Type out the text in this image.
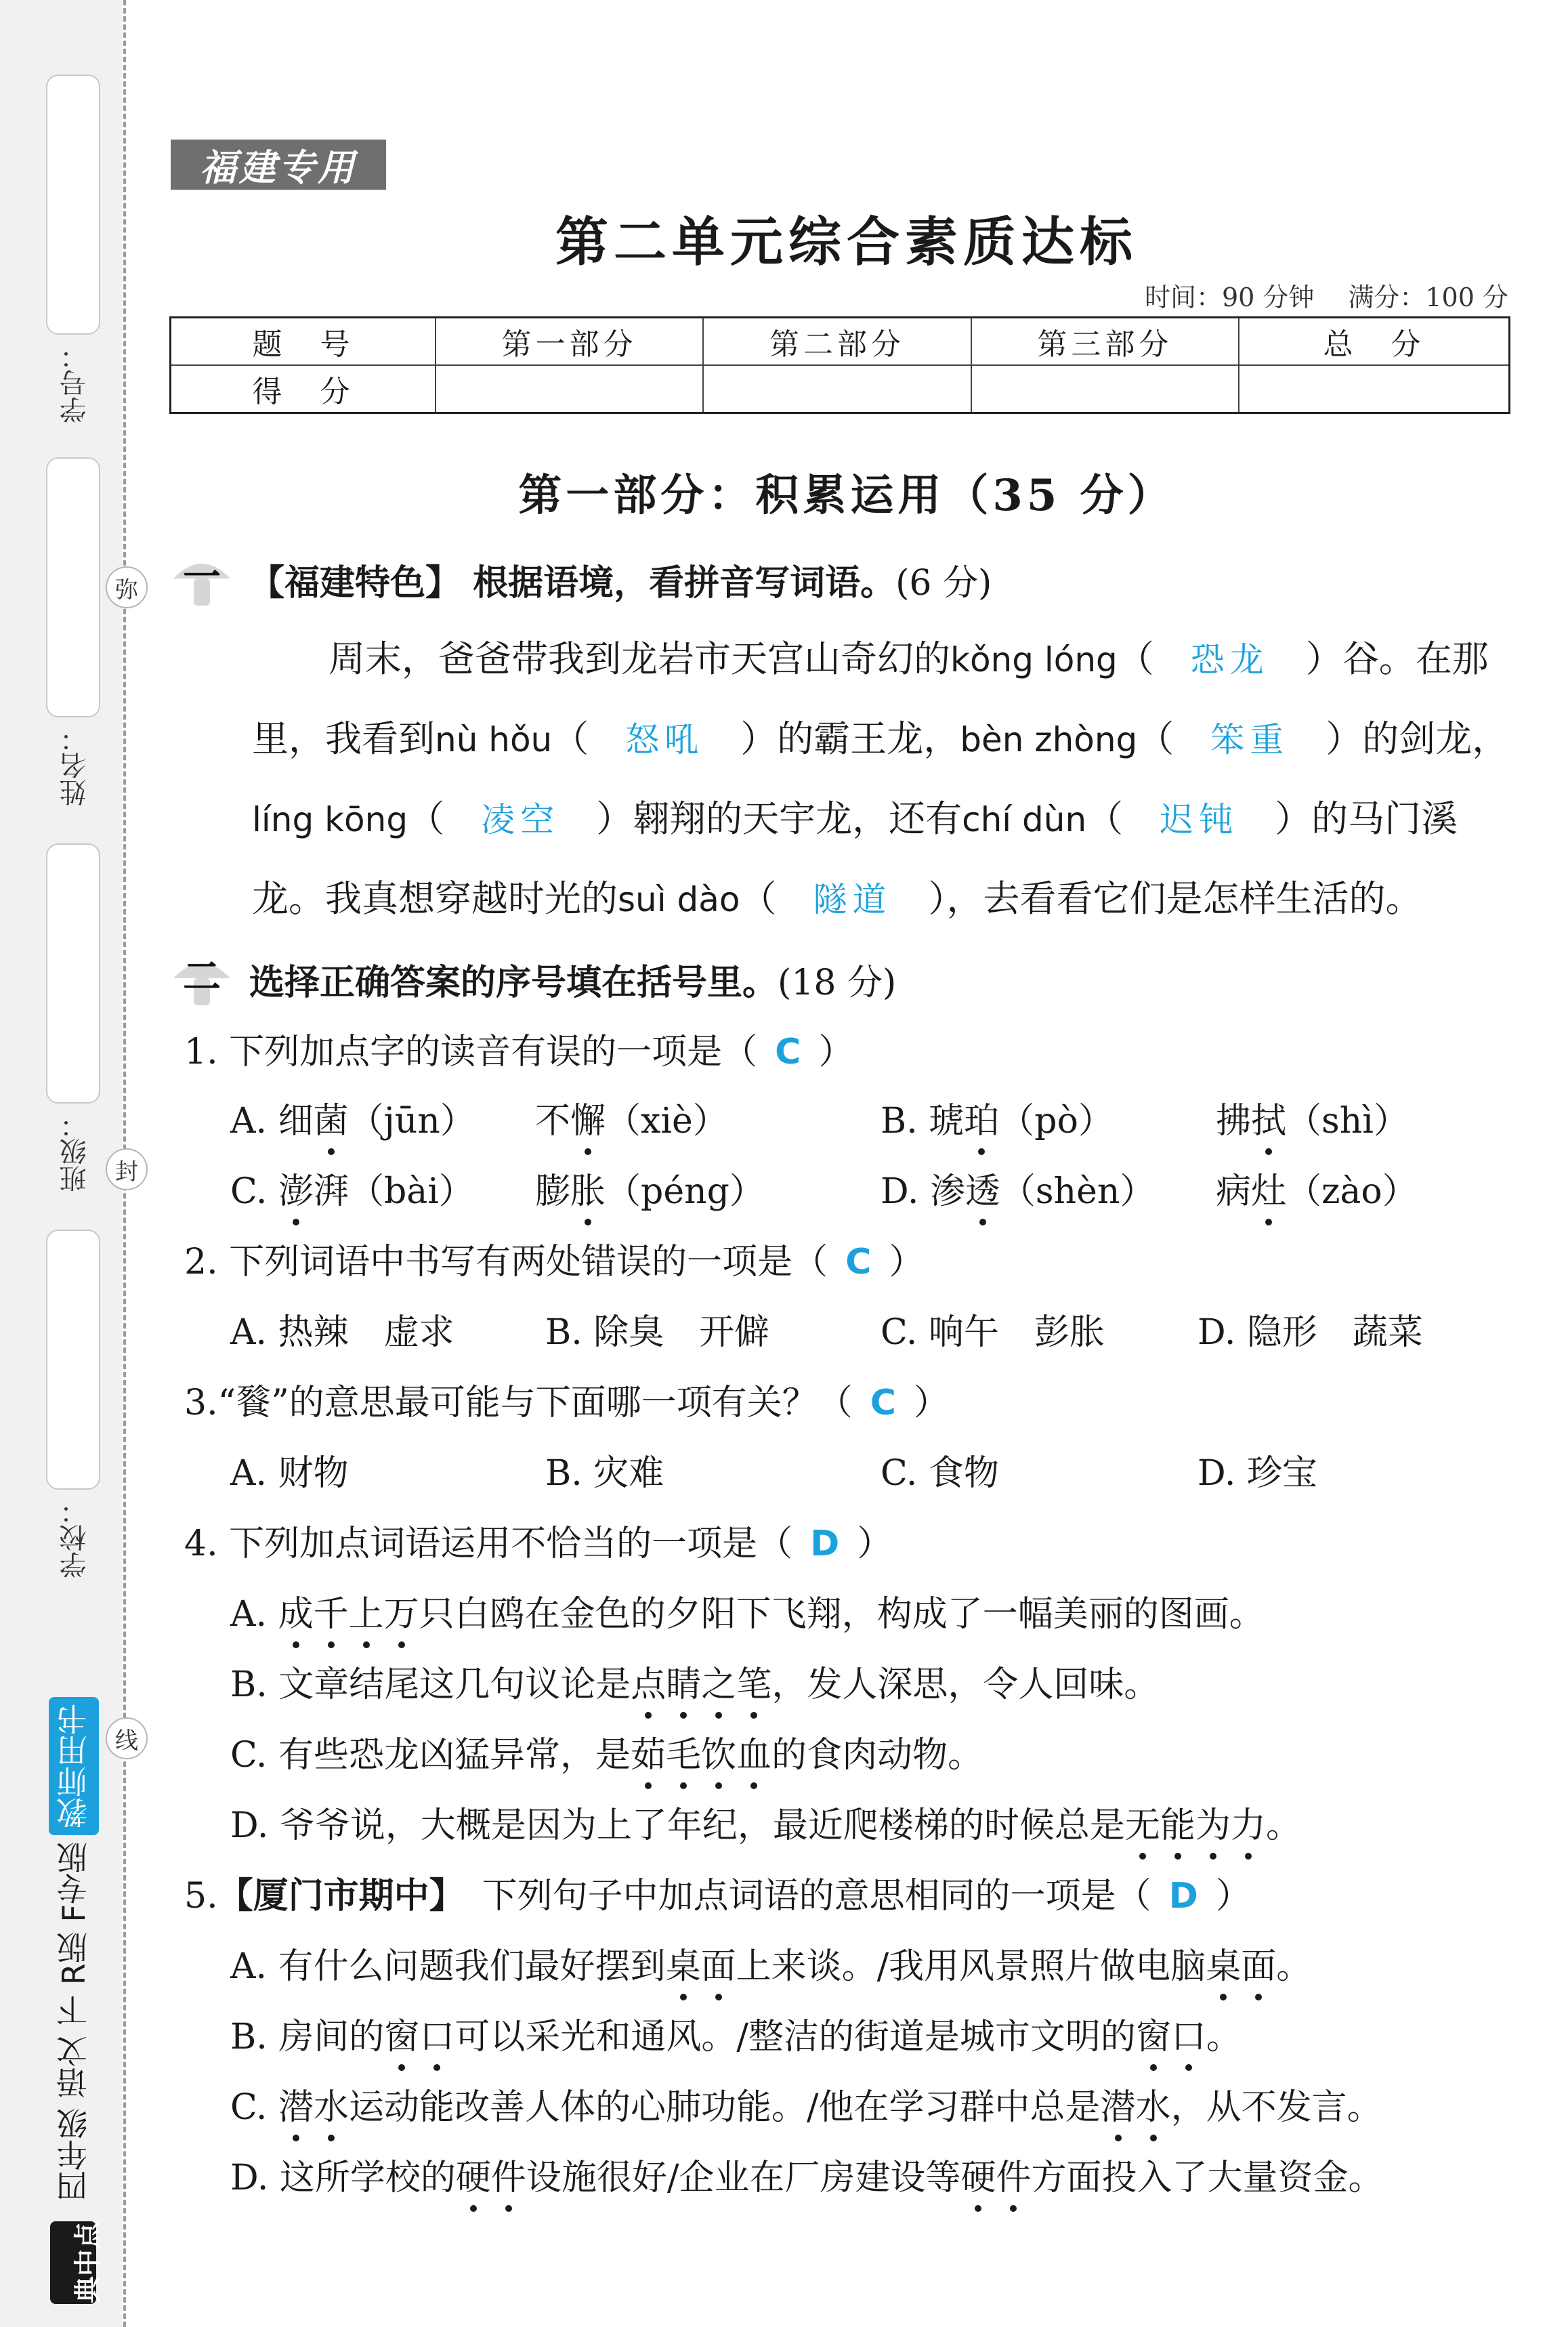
学号：
姓名：
班级：
学校：
弥
封
线
四年级 语文 下 R版 F专版
教师用书
典中点
福建专用
第二单元综合素质达标
时间：90 分钟 满分：100 分
题　号	第一部分	第二部分	第三部分	总　分
得　分				
第一部分：积累运用（35 分）
一 【福建特色】 根据语境，看拼音写词语。(6 分)
周末，爸爸带我到龙岩市天宫山奇幻的kǒng lóng（  恐龙  ）谷。在那
里，我看到nù hǒu（  怒吼  ）的霸王龙，bèn zhòng（  笨重  ）的剑龙，
líng kōng（  凌空  ）翱翔的天宇龙，还有chí dùn（  迟钝  ）的马门溪
龙。我真想穿越时光的suì dào（  隧道  ），去看看它们是怎样生活的。
二 选择正确答案的序号填在括号里。(18 分)
1. 下列加点字的读音有误的一项是（  C  ）
A. 细菌（jūn） 不懈（xiè）	B. 琥珀（pò）	拂拭（shì）
C. 澎湃（bài） 膨胀（péng）	D. 渗透（shèn） 病灶（zào）
2. 下列词语中书写有两处错误的一项是（  C  ）
A. 热辣　虚求	B. 除臭　开僻	C. 响午　彭胀	D. 隐形　蔬菜
3.“餮”的意思最可能与下面哪一项有关？（  C  ）
A. 财物	B. 灾难	C. 食物	D. 珍宝
4. 下列加点词语运用不恰当的一项是（  D  ）
A. 成千上万只白鸥在金色的夕阳下飞翔，构成了一幅美丽的图画。
B. 文章结尾这几句议论是点睛之笔，发人深思，令人回味。
C. 有些恐龙凶猛异常，是茹毛饮血的食肉动物。
D. 爷爷说，大概是因为上了年纪，最近爬楼梯的时候总是无能为力。
5.【厦门市期中】  下列句子中加点词语的意思相同的一项是（  D  ）
A. 有什么问题我们最好摆到桌面上来谈。/我用风景照片做电脑桌面。
B. 房间的窗口可以采光和通风。/整洁的街道是城市文明的窗口。
C. 潜水运动能改善人体的心肺功能。/他在学习群中总是潜水，从不发言。
D. 这所学校的硬件设施很好/企业在厂房建设等硬件方面投入了大量资金。
